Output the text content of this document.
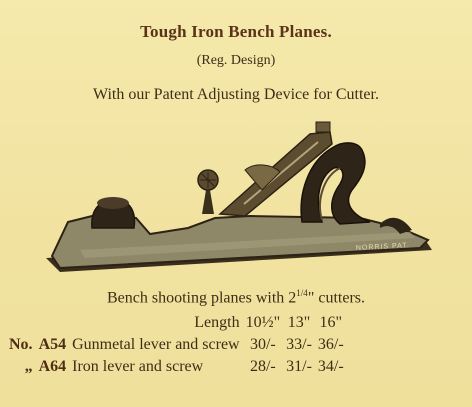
Tough Iron Bench Planes.
(Reg. Design)
With our Patent Adjusting Device for Cutter.
NORRIS PAT.
Bench shooting planes with $2^{1/4}$" cutters.
Length			10½"	13"	16"
No.	A54	Gunmetal lever and screw	30/-	33/-	36/-
„	A64	Iron lever and screw	28/-	31/-	34/-
